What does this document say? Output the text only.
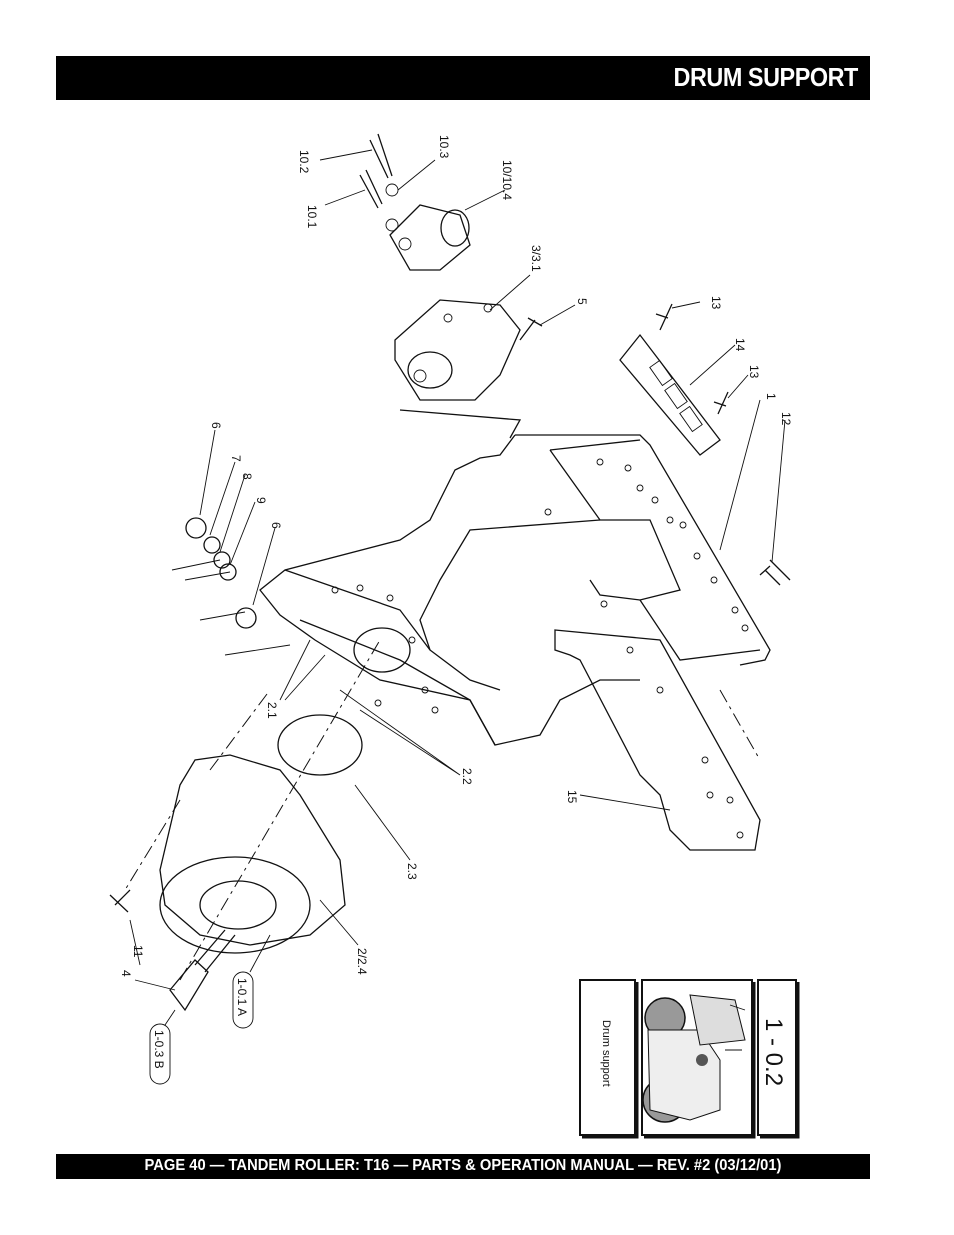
DRUM SUPPORT
10.2
10.3
10/10.4
10.1
3/3.1
5	13
14
13
1
12
6
7
8
9
6
2.1
2.2
2.3
15
2/2.4
11
4
1-0.1 A
1-0.3 B	Drum support	1 - 0.2
PAGE 40 — TANDEM ROLLER: T16 — PARTS & OPERATION MANUAL — REV. #2 (03/12/01)
